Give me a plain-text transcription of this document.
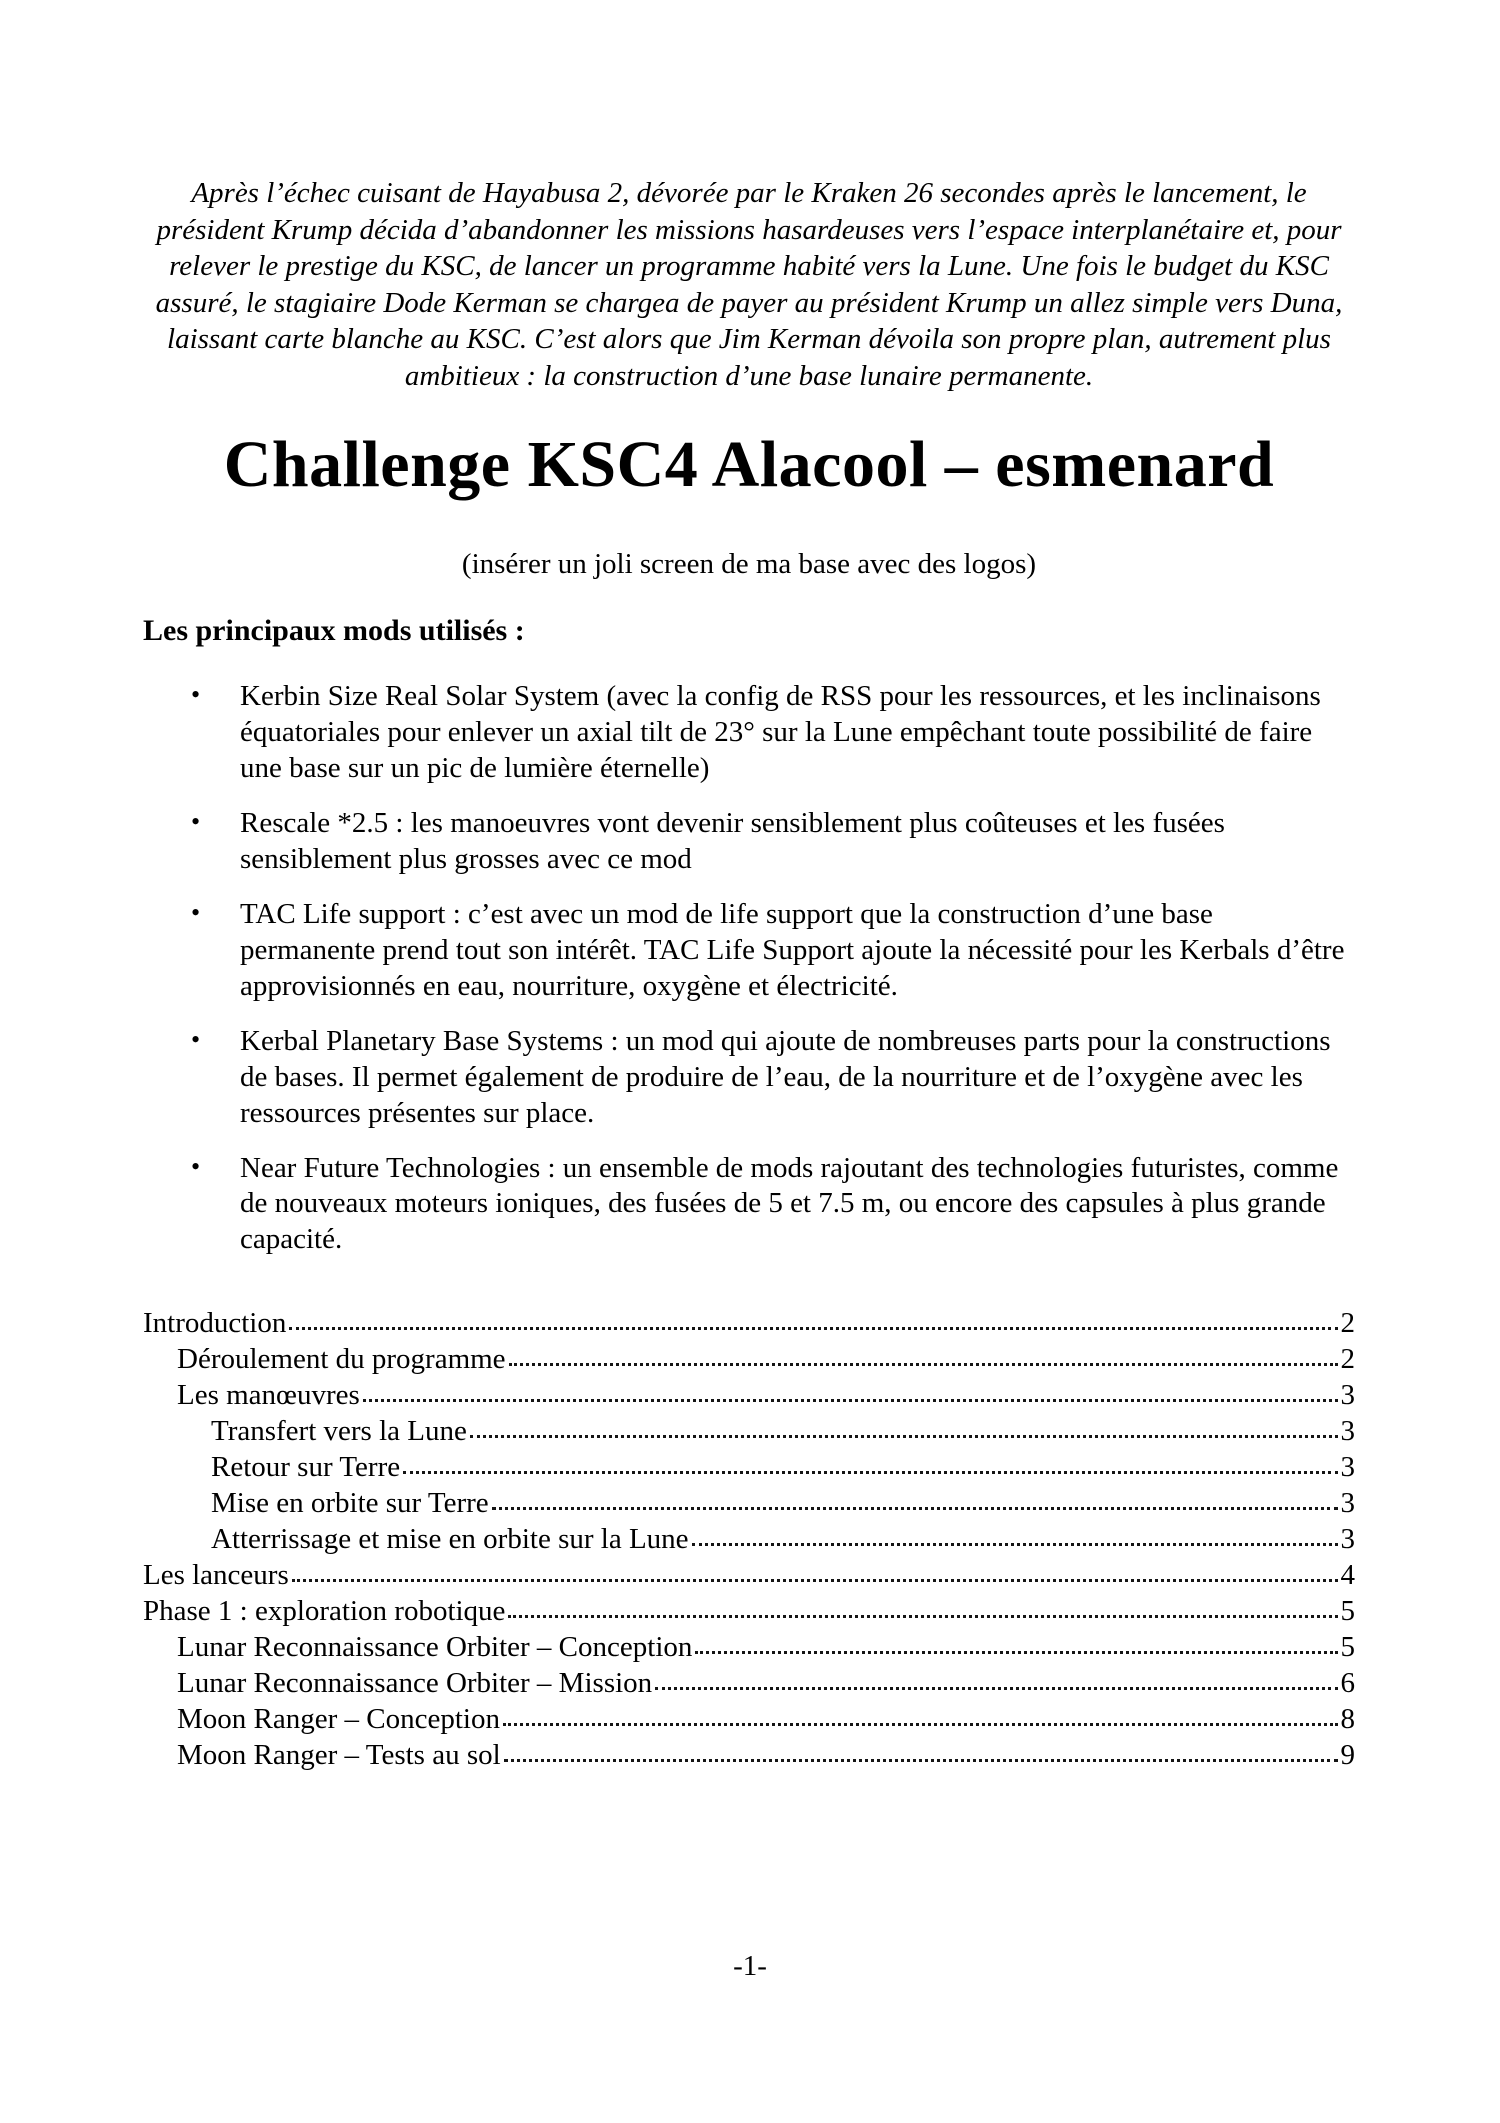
Après l’échec cuisant de Hayabusa 2, dévorée par le Kraken 26 secondes après le lancement, le président Krump décida d’abandonner les missions hasardeuses vers l’espace interplanétaire et, pour relever le prestige du KSC, de lancer un programme habité vers la Lune. Une fois le budget du KSC assuré, le stagiaire Dode Kerman se chargea de payer au président Krump un allez simple vers Duna, laissant carte blanche au KSC. C’est alors que Jim Kerman dévoila son propre plan, autrement plus ambitieux : la construction d’une base lunaire permanente.

Challenge KSC4 Alacool – esmenard

(insérer un joli screen de ma base avec des logos)

Les principaux mods utilisés :

•	Kerbin Size Real Solar System (avec la config de RSS pour les ressources, et les inclinaisons équatoriales pour enlever un axial tilt de 23° sur la Lune empêchant toute possibilité de faire une base sur un pic de lumière éternelle)
•	Rescale *2.5 : les manoeuvres vont devenir sensiblement plus coûteuses et les fusées sensiblement plus grosses avec ce mod
•	TAC Life support : c’est avec un mod de life support que la construction d’une base permanente prend tout son intérêt. TAC Life Support ajoute la nécessité pour les Kerbals d’être approvisionnés en eau, nourriture, oxygène et électricité.
•	Kerbal Planetary Base Systems : un mod qui ajoute de nombreuses parts pour la constructions de bases. Il permet également de produire de l’eau, de la nourriture et de l’oxygène avec les ressources présentes sur place.
•	Near Future Technologies : un ensemble de mods rajoutant des technologies futuristes, comme de nouveaux moteurs ioniques, des fusées de 5 et 7.5 m, ou encore des capsules à plus grande capacité.
Introduction	2
Déroulement du programme	2
Les manœuvres	3
Transfert vers la Lune	3
Retour sur Terre	3
Mise en orbite sur Terre	3
Atterrissage et mise en orbite sur la Lune	3
Les lanceurs	4
Phase 1 : exploration robotique	5
Lunar Reconnaissance Orbiter – Conception	5
Lunar Reconnaissance Orbiter – Mission	6
Moon Ranger – Conception	8
Moon Ranger – Tests au sol	9
-1-
